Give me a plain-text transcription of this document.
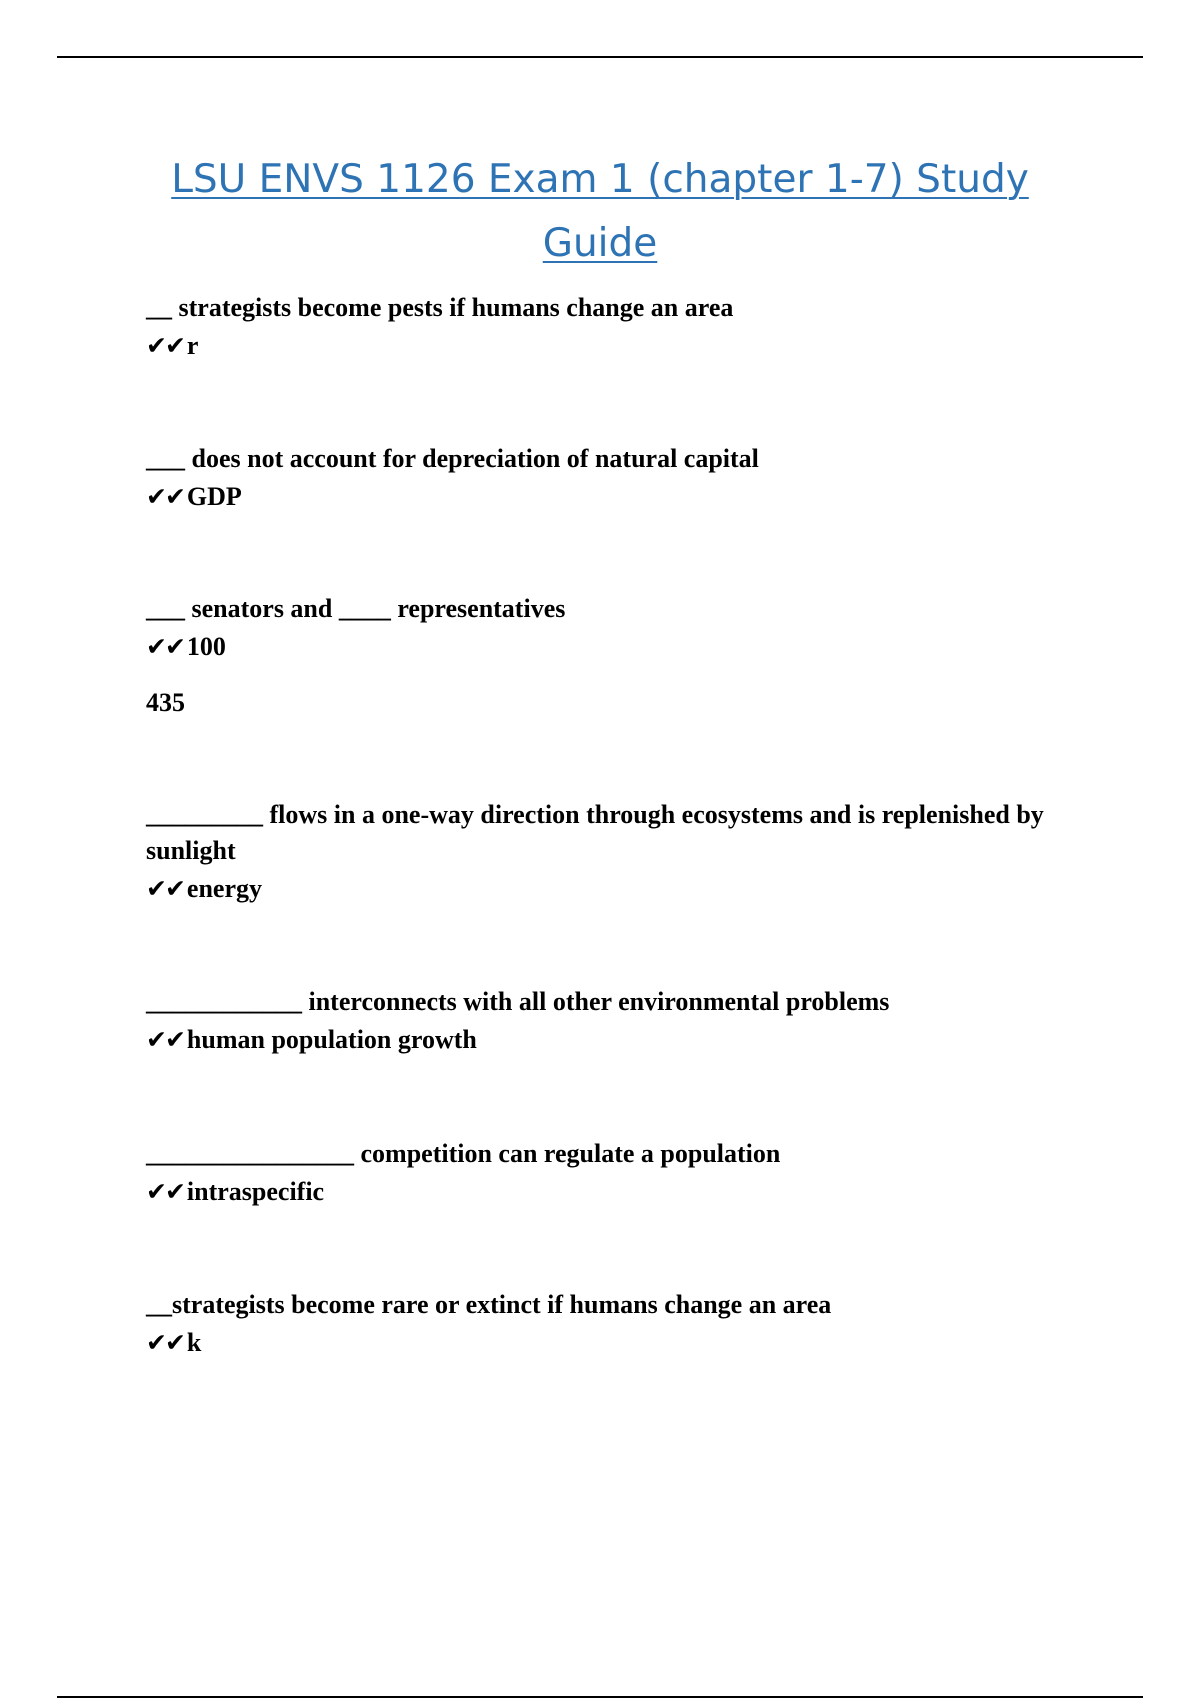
LSU ENVS 1126 Exam 1 (chapter 1-7) Study Guide

__ strategists become pests if humans change an area

✔✔ r

___ does not account for depreciation of natural capital

✔✔ GDP

___ senators and ____ representatives

✔✔ 100

435

_________ flows in a one-way direction through ecosystems and is replenished by sunlight

✔✔ energy

____________ interconnects with all other environmental problems

✔✔ human population growth

________________ competition can regulate a population

✔✔ intraspecific

__strategists become rare or extinct if humans change an area

✔✔ k
